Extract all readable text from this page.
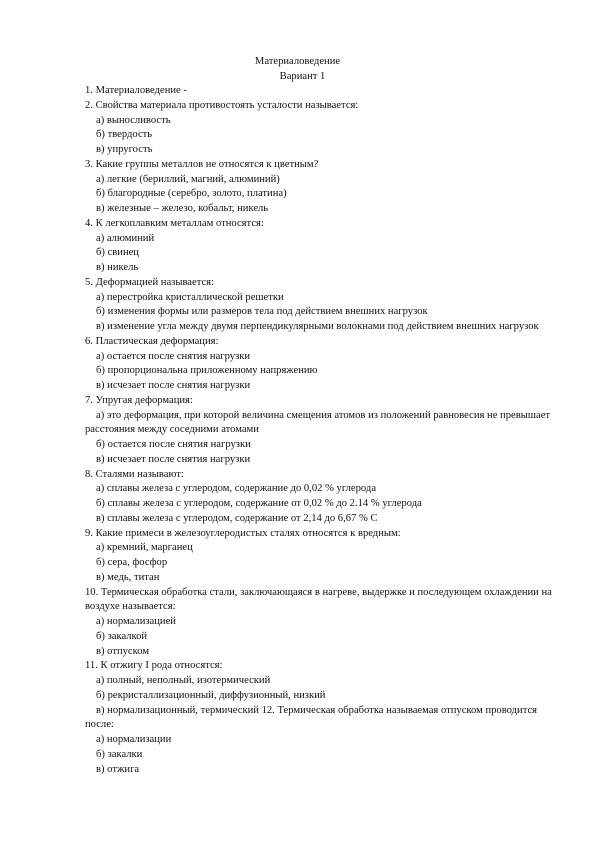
Материаловедение
Вариант 1
1. Материаловедение -
2. Свойства материала противостоять усталости называется:
а) выносливость
б) твердость
в) упругость
3. Какие группы металлов не относятся к цветным?
а) легкие (бериллий, магний, алюминий)
б) благородные (серебро, золото, платина)
в) железные – железо, кобальт, никель
4. К легкоплавким металлам относятся:
а) алюминий
б) свинец
в) никель
5. Деформацией называется:
а) перестройка кристаллической решетки
б) изменения формы или размеров тела под действием внешних нагрузок
в) изменение угла между двумя перпендикулярными волокнами под действием внешних нагрузок
6. Пластическая деформация:
а) остается после снятия нагрузки
б) пропорциональна приложенному напряжению
в) исчезает после снятия нагрузки
7. Упругая деформация:
а) это деформация, при которой величина смещения атомов из положений равновесия не превышает расстояния между соседними атомами
б) остается после снятия нагрузки
в) исчезает после снятия нагрузки
8. Сталями называют:
а) сплавы железа с углеродом, содержание до 0,02 % углерода
б) сплавы железа с углеродом, содержание от 0,02 % до 2.14 % углерода
в) сплавы железа с углеродом, содержание от 2,14 до 6,67 % С
9. Какие примеси в железоуглеродистых сталях относятся к вредным:
а) кремний, марганец
б) сера, фосфор
в) медь, титан
10. Термическая обработка стали, заключающаяся в нагреве, выдержке и последующем охлаждении на воздухе называется:
а) нормализацией
б) закалкой
в) отпуском
11. К отжигу I рода относятся:
а) полный, неполный, изотермический
б) рекристаллизационный, диффузионный, низкий
в) нормализационный, термический 12. Термическая обработка называемая отпуском проводится после:
а) нормализации
б) закалки
в) отжига
